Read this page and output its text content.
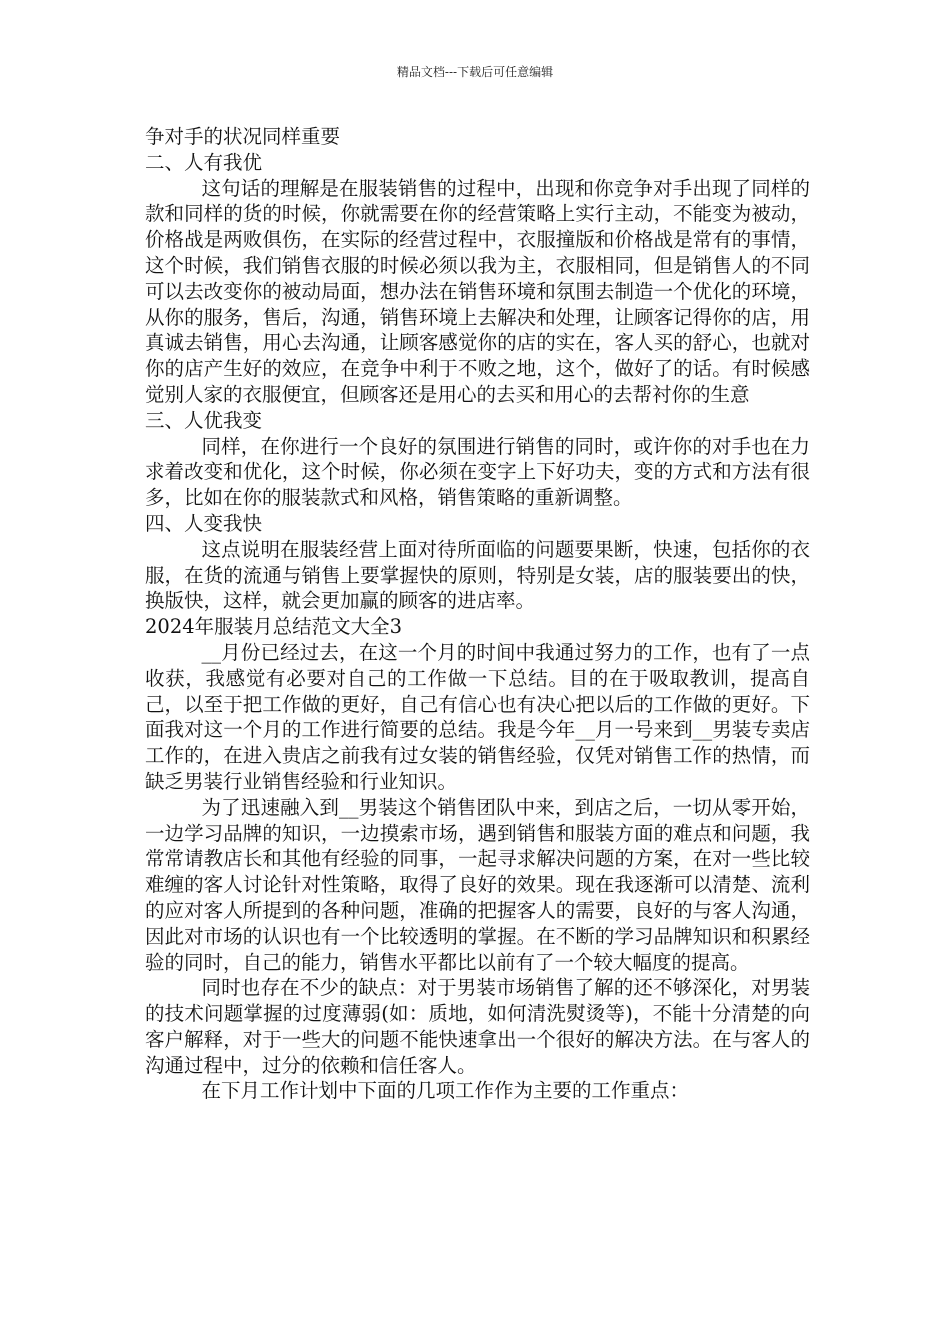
精品文档---下载后可任意编辑

争对手的状况同样重要

二、人有我优

这句话的理解是在服装销售的过程中，出现和你竞争对手出现了同样的款和同样的货的时候，你就需要在你的经营策略上实行主动，不能变为被动，价格战是两败俱伤，在实际的经营过程中，衣服撞版和价格战是常有的事情，这个时候，我们销售衣服的时候必须以我为主，衣服相同，但是销售人的不同可以去改变你的被动局面，想办法在销售环境和氛围去制造一个优化的环境，从你的服务，售后，沟通，销售环境上去解决和处理，让顾客记得你的店，用真诚去销售，用心去沟通，让顾客感觉你的店的实在，客人买的舒心，也就对你的店产生好的效应，在竞争中利于不败之地，这个，做好了的话。有时候感觉别人家的衣服便宜，但顾客还是用心的去买和用心的去帮衬你的生意

三、人优我变

同样，在你进行一个良好的氛围进行销售的同时，或许你的对手也在力求着改变和优化，这个时候，你必须在变字上下好功夫，变的方式和方法有很多，比如在你的服装款式和风格，销售策略的重新调整。

四、人变我快

这点说明在服装经营上面对待所面临的问题要果断，快速，包括你的衣服，在货的流通与销售上要掌握快的原则，特别是女装，店的服装要出的快，换版快，这样，就会更加赢的顾客的进店率。

2024年服装月总结范文大全3

__月份已经过去，在这一个月的时间中我通过努力的工作，也有了一点收获，我感觉有必要对自己的工作做一下总结。目的在于吸取教训，提高自己，以至于把工作做的更好，自己有信心也有决心把以后的工作做的更好。下面我对这一个月的工作进行简要的总结。我是今年__月一号来到__男装专卖店工作的，在进入贵店之前我有过女装的销售经验，仅凭对销售工作的热情，而缺乏男装行业销售经验和行业知识。

为了迅速融入到__男装这个销售团队中来，到店之后，一切从零开始，一边学习品牌的知识，一边摸索市场，遇到销售和服装方面的难点和问题，我常常请教店长和其他有经验的同事，一起寻求解决问题的方案，在对一些比较难缠的客人讨论针对性策略，取得了良好的效果。现在我逐渐可以清楚、流利的应对客人所提到的各种问题，准确的把握客人的需要，良好的与客人沟通，因此对市场的认识也有一个比较透明的掌握。在不断的学习品牌知识和积累经验的同时，自己的能力，销售水平都比以前有了一个较大幅度的提高。

同时也存在不少的缺点：对于男装市场销售了解的还不够深化，对男装的技术问题掌握的过度薄弱(如：质地，如何清洗熨烫等)，不能十分清楚的向客户解释，对于一些大的问题不能快速拿出一个很好的解决方法。在与客人的沟通过程中，过分的依赖和信任客人。

在下月工作计划中下面的几项工作作为主要的工作重点：
